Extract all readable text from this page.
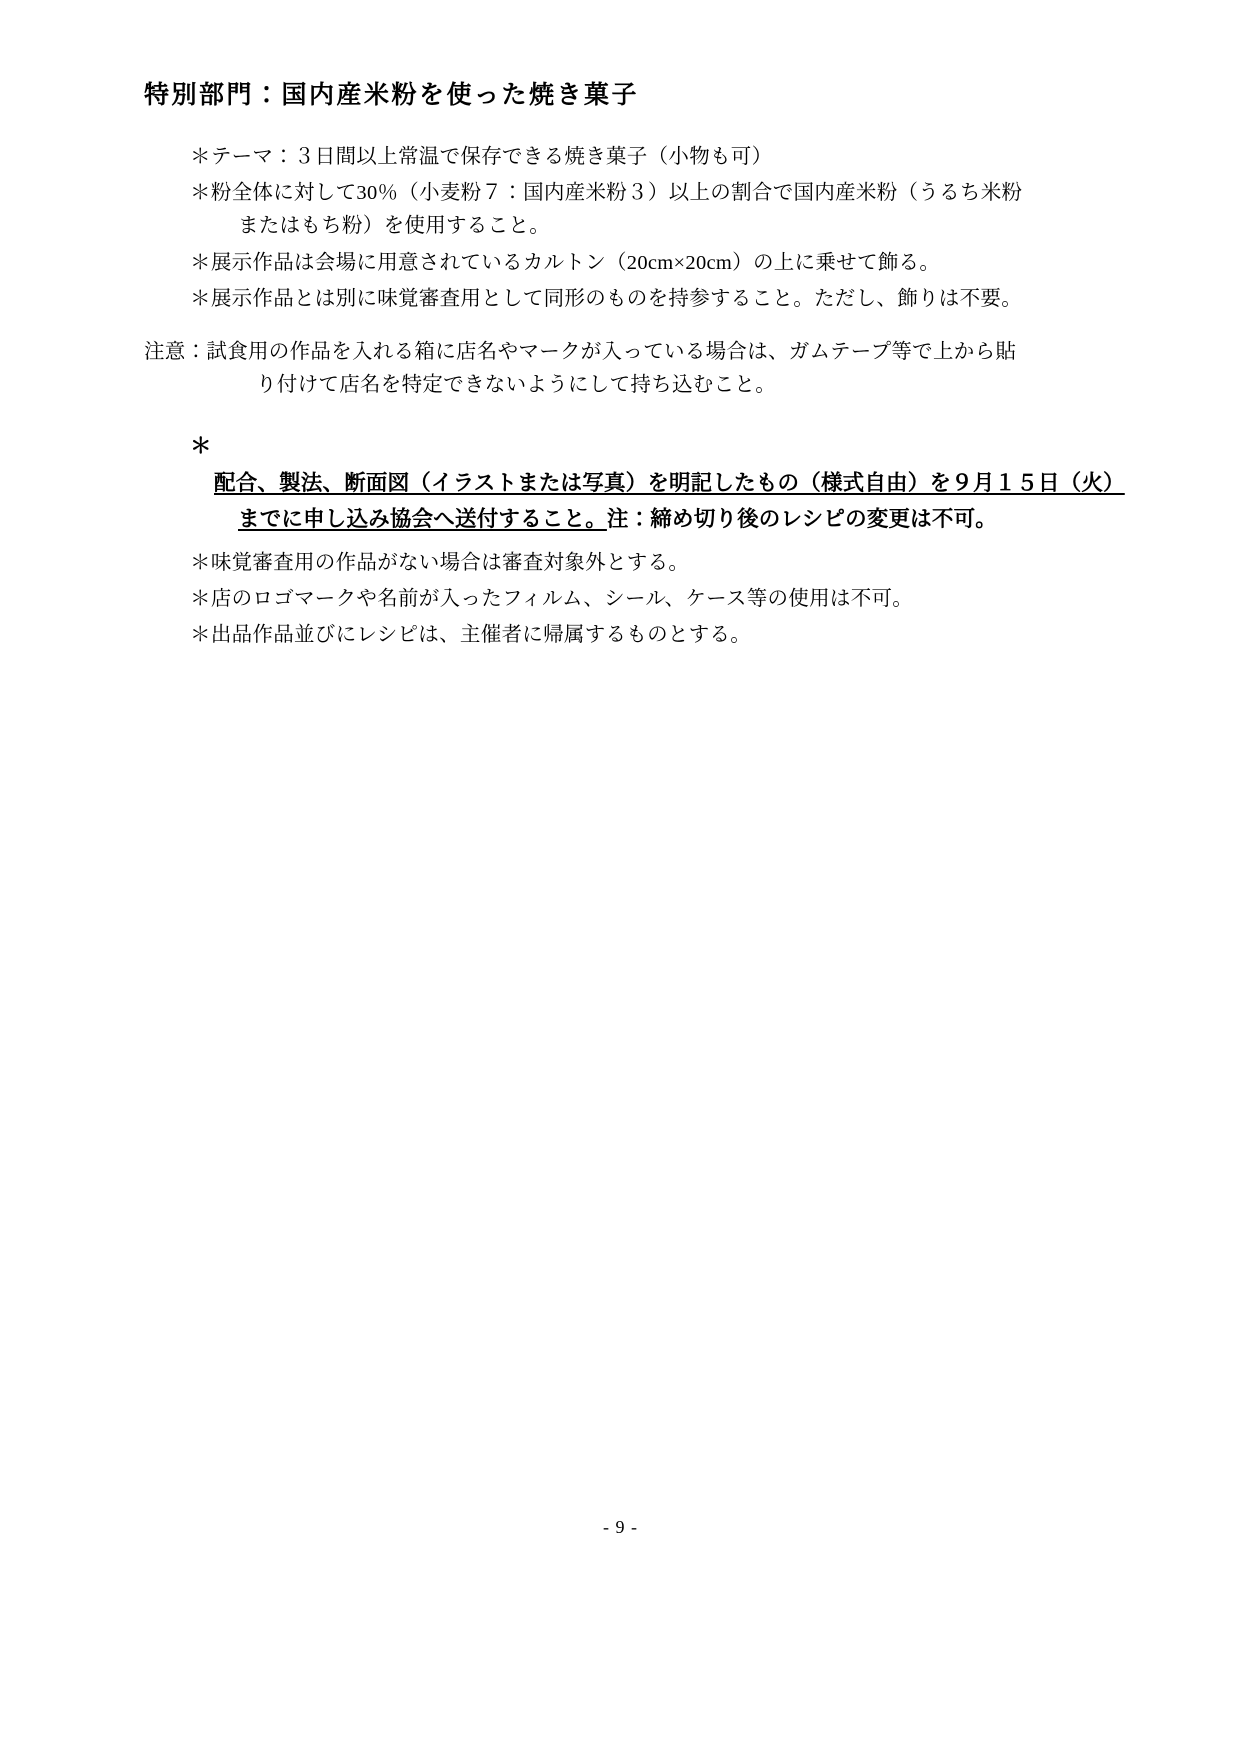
特別部門：国内産米粉を使った焼き菓子
＊テーマ：３日間以上常温で保存できる焼き菓子（小物も可）
＊粉全体に対して30％（小麦粉７：国内産米粉３）以上の割合で国内産米粉（うるち米粉
またはもち粉）を使用すること。
＊展示作品は会場に用意されているカルトン（20cm×20cm）の上に乗せて飾る。
＊展示作品とは別に味覚審査用として同形のものを持参すること。ただし、飾りは不要。
注意：試食用の作品を入れる箱に店名やマークが入っている場合は、ガムテープ等で上から貼
り付けて店名を特定できないようにして持ち込むこと。
＊配合、製法、断面図（イラストまたは写真）を明記したもの（様式自由）を９月１５日（火）
までに申し込み協会へ送付すること。注：締め切り後のレシピの変更は不可。
＊味覚審査用の作品がない場合は審査対象外とする。
＊店のロゴマークや名前が入ったフィルム、シール、ケース等の使用は不可。
＊出品作品並びにレシピは、主催者に帰属するものとする。
- 9 -
